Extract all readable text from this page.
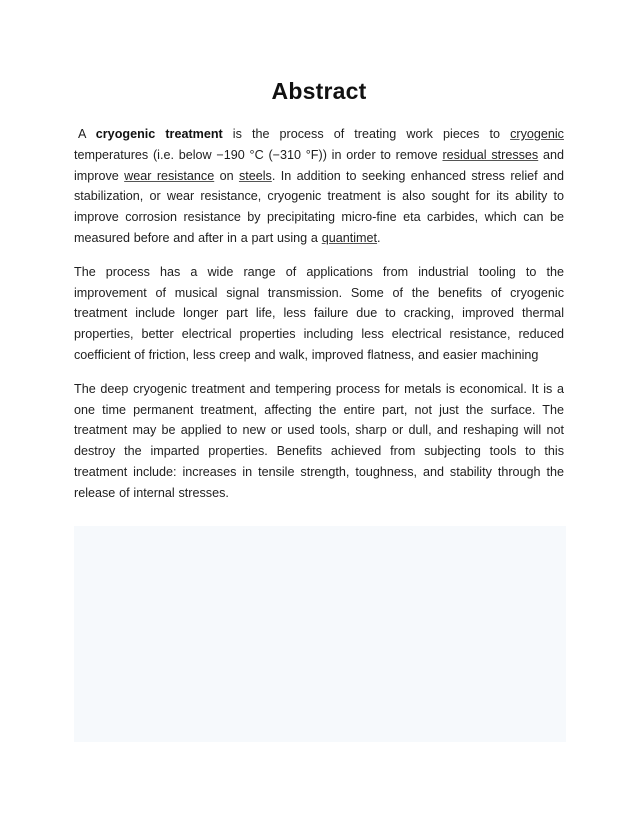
Abstract

A cryogenic treatment is the process of treating work pieces to cryogenic temperatures (i.e. below −190 °C (−310 °F)) in order to remove residual stresses and improve wear resistance on steels. In addition to seeking enhanced stress relief and stabilization, or wear resistance, cryogenic treatment is also sought for its ability to improve corrosion resistance by precipitating micro-fine eta carbides, which can be measured before and after in a part using a quantimet.

The process has a wide range of applications from industrial tooling to the improvement of musical signal transmission. Some of the benefits of cryogenic treatment include longer part life, less failure due to cracking, improved thermal properties, better electrical properties including less electrical resistance, reduced coefficient of friction, less creep and walk, improved flatness, and easier machining

The deep cryogenic treatment and tempering process for metals is economical. It is a one time permanent treatment, affecting the entire part, not just the surface. The treatment may be applied to new or used tools, sharp or dull, and reshaping will not destroy the imparted properties. Benefits achieved from subjecting tools to this treatment include: increases in tensile strength, toughness, and stability through the release of internal stresses.
